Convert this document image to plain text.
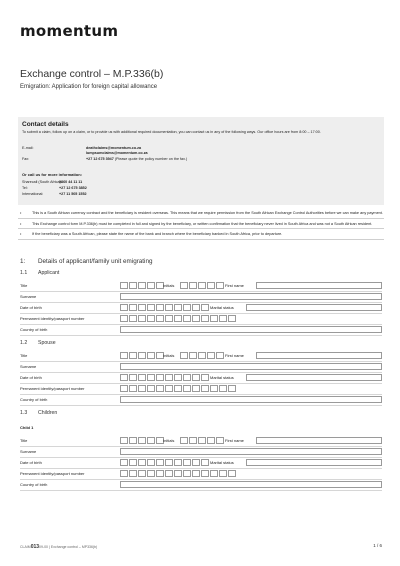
momentum
Exchange control – M.P.336(b)
Emigration: Application for foreign capital allowance
Contact details
To submit a claim, follow up on a claim, or to provide us with additional required documentation, you can contact us in any of the following ways. Our office hours are from 8:00 – 17:00.
E-mail:	deathclaims@momentum.co.za
lumpsumclaims@momentum.co.za
Fax:	+27 12 675 3947 (Please quote the policy number on the fax.)
Or call us for more information:
Sharecall (South Africa):
0860 44 11 11
Tel:	+27 12 675 3852
International:	+27 11 505 1552
• This is a South African currency contract and the beneficiary is resident overseas. This means that we require permission from the South African Exchange Control Authorities before we can make any payment.
• This Exchange control form M.P.336(b) must be completed in full and signed by the beneficiary, or written confirmation that the beneficiary never lived in South Africa and was not a South African resident.
• If the beneficiary was a South African, please state the name of the bank and branch where the beneficiary banked in South Africa, prior to departure.
1: Details of applicant/family unit emigrating
1.1 Applicant
Title	Initials	First name
Surname
Date of birth	Marital status
Permanent identity/passport number
Country of birth
1.2 Spouse
Title	Initials	First name
Surname
Date of birth	Marital status
Permanent identity/passport number
Country of birth
1.3 Children
Child 1
Title	Initials	First name
Surname
Date of birth	Marital status
Permanent identity/passport number
Country of birth
CLAIM01309-00 | Exchange control – MP336(b)	1 / 6
